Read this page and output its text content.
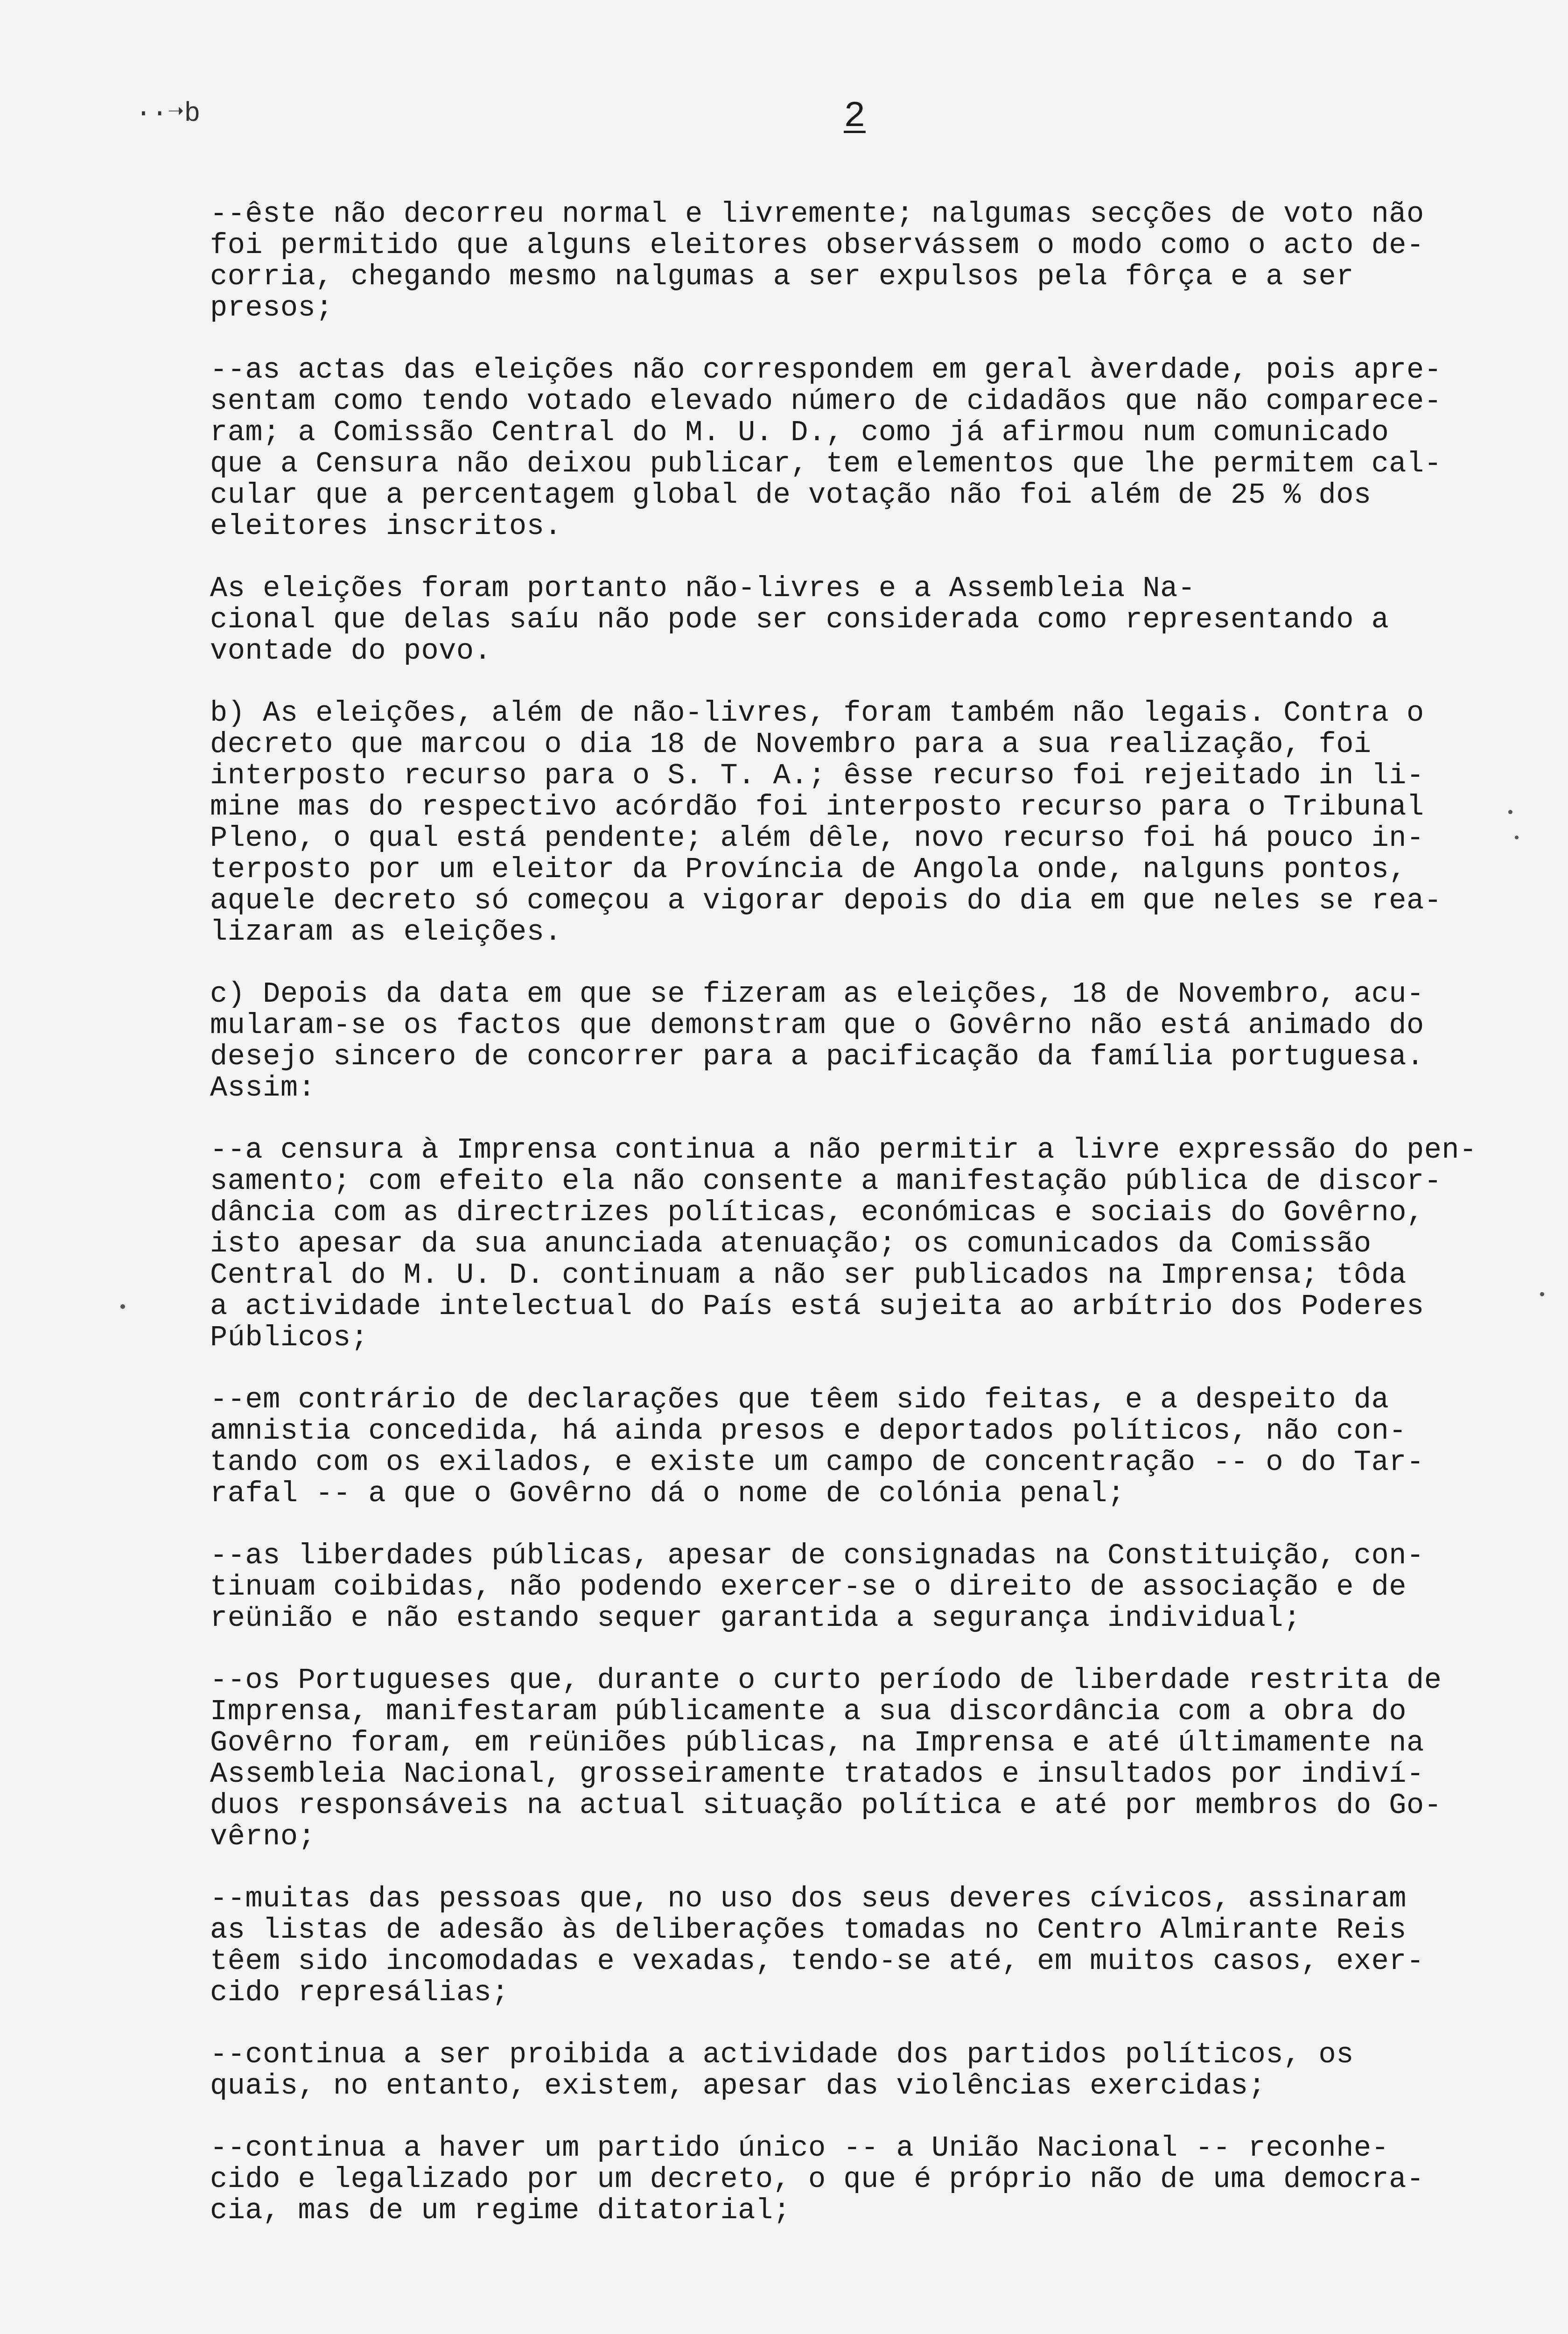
··➝b	2

--êste não decorreu normal e livremente; nalgumas secções de voto não
foi permitido que alguns eleitores observássem o modo como o acto de-
corria, chegando mesmo nalgumas a ser expulsos pela fôrça e a ser
presos;

--as actas das eleições não correspondem em geral àverdade, pois apre-
sentam como tendo votado elevado número de cidadãos que não comparece-
ram; a Comissão Central do M. U. D., como já afirmou num comunicado
que a Censura não deixou publicar, tem elementos que lhe permitem cal-
cular que a percentagem global de votação não foi além de 25 % dos
eleitores inscritos.

As eleições foram portanto não-livres e a Assembleia Na-
cional que delas saíu não pode ser considerada como representando a
vontade do povo.

b) As eleições, além de não-livres, foram também não legais. Contra o
decreto que marcou o dia 18 de Novembro para a sua realização, foi
interposto recurso para o S. T. A.; êsse recurso foi rejeitado in li-
mine mas do respectivo acórdão foi interposto recurso para o Tribunal
Pleno, o qual está pendente; além dêle, novo recurso foi há pouco in-
terposto por um eleitor da Província de Angola onde, nalguns pontos,
aquele decreto só começou a vigorar depois do dia em que neles se rea-
lizaram as eleições.

c) Depois da data em que se fizeram as eleições, 18 de Novembro, acu-
mularam-se os factos que demonstram que o Govêrno não está animado do
desejo sincero de concorrer para a pacificação da família portuguesa.
Assim:

--a censura à Imprensa continua a não permitir a livre expressão do pen-
samento; com efeito ela não consente a manifestação pública de discor-
dância com as directrizes políticas, económicas e sociais do Govêrno,
isto apesar da sua anunciada atenuação; os comunicados da Comissão
Central do M. U. D. continuam a não ser publicados na Imprensa; tôda
a actividade intelectual do País está sujeita ao arbítrio dos Poderes
Públicos;

--em contrário de declarações que têem sido feitas, e a despeito da
amnistia concedida, há ainda presos e deportados políticos, não con-
tando com os exilados, e existe um campo de concentração -- o do Tar-
rafal -- a que o Govêrno dá o nome de colónia penal;

--as liberdades públicas, apesar de consignadas na Constituição, con-
tinuam coibidas, não podendo exercer-se o direito de associação e de
reünião e não estando sequer garantida a segurança individual;

--os Portugueses que, durante o curto período de liberdade restrita de
Imprensa, manifestaram públicamente a sua discordância com a obra do
Govêrno foram, em reüniões públicas, na Imprensa e até últimamente na
Assembleia Nacional, grosseiramente tratados e insultados por indiví-
duos responsáveis na actual situação política e até por membros do Go-
vêrno;

--muitas das pessoas que, no uso dos seus deveres cívicos, assinaram
as listas de adesão às deliberações tomadas no Centro Almirante Reis
têem sido incomodadas e vexadas, tendo-se até, em muitos casos, exer-
cido represálias;

--continua a ser proibida a actividade dos partidos políticos, os
quais, no entanto, existem, apesar das violências exercidas;

--continua a haver um partido único -- a União Nacional -- reconhe-
cido e legalizado por um decreto, o que é próprio não de uma democra-
cia, mas de um regime ditatorial;
